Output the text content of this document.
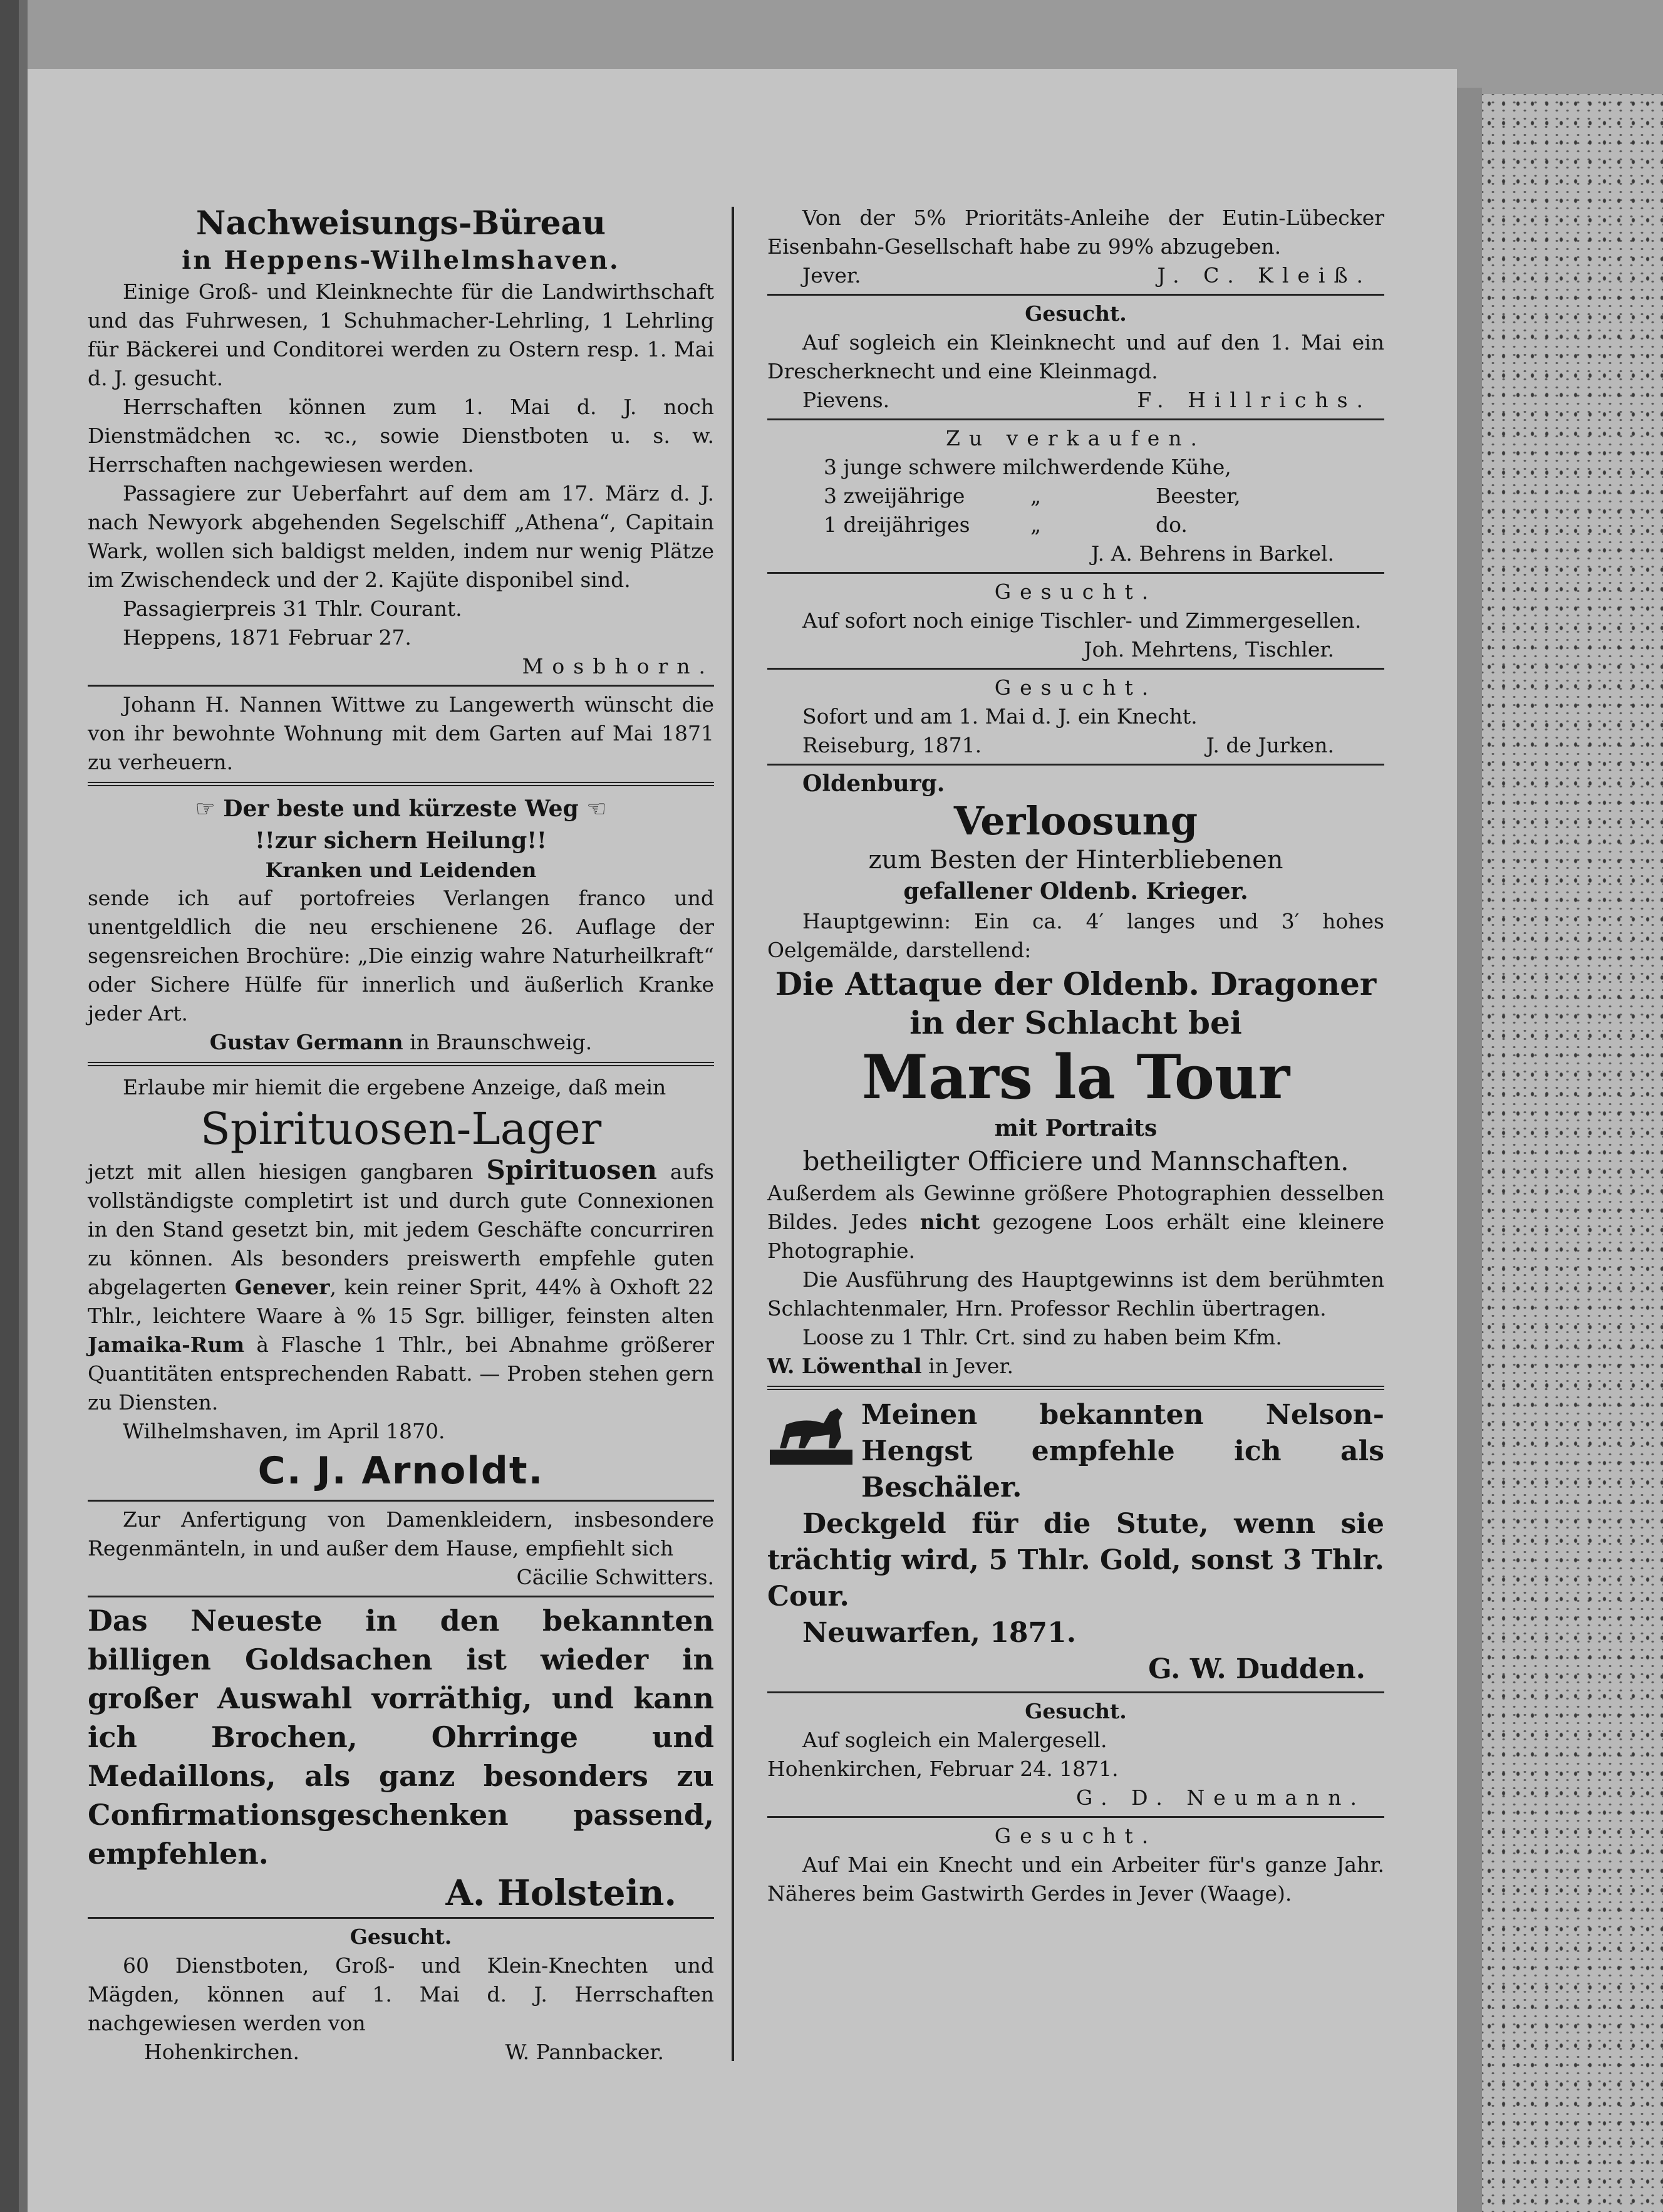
Nachweisungs-Büreau

in Heppens-Wilhelmshaven.

Einige Groß- und Kleinknechte für die Landwirthschaft und das Fuhrwesen, 1 Schuhmacher-Lehrling, 1 Lehrling für Bäckerei und Conditorei werden zu Ostern resp. 1. Mai d. J. gesucht.

Herrschaften können zum 1. Mai d. J. noch Dienstmädchen ꝛc. ꝛc., sowie Dienstboten u. s. w. Herrschaften nachgewiesen werden.

Passagiere zur Ueberfahrt auf dem am 17. März d. J. nach Newyork abgehenden Segelschiff „Athena“, Capitain Wark, wollen sich baldigst melden, indem nur wenig Plätze im Zwischendeck und der 2. Kajüte disponibel sind.

Passagierpreis 31 Thlr. Courant.

Heppens, 1871 Februar 27.

Mosbhorn.

Johann H. Nannen Wittwe zu Langewerth wünscht die von ihr bewohnte Wohnung mit dem Garten auf Mai 1871 zu verheuern.

☞ Der beste und kürzeste Weg ☜

!!zur sichern Heilung!!

Kranken und Leidenden

sende ich auf portofreies Verlangen franco und unentgeldlich die neu erschienene 26. Auflage der segensreichen Brochüre: „Die einzig wahre Naturheilkraft“ oder Sichere Hülfe für innerlich und äußerlich Kranke jeder Art.

Gustav Germann in Braunschweig.

Erlaube mir hiemit die ergebene Anzeige, daß mein

Spirituosen-Lager

jetzt mit allen hiesigen gangbaren Spirituosen aufs vollständigste completirt ist und durch gute Connexionen in den Stand gesetzt bin, mit jedem Geschäfte concurriren zu können. Als besonders preiswerth empfehle guten abgelagerten Genever, kein reiner Sprit, 44% à Oxhoft 22 Thlr., leichtere Waare à % 15 Sgr. billiger, feinsten alten Jamaika-Rum à Flasche 1 Thlr., bei Abnahme größerer Quantitäten entsprechenden Rabatt. — Proben stehen gern zu Diensten.

Wilhelmshaven, im April 1870.

C. J. Arnoldt.

Zur Anfertigung von Damenkleidern, insbesondere Regenmänteln, in und außer dem Hause, empfiehlt sich

Cäcilie Schwitters.

Das Neueste in den bekannten billigen Goldsachen ist wieder in großer Auswahl vorräthig, und kann ich Brochen, Ohrringe und Medaillons, als ganz besonders zu Confirmationsgeschenken passend, empfehlen.

A. Holstein.

Gesucht.

60 Dienstboten, Groß- und Klein-Knechten und Mägden, können auf 1. Mai d. J. Herrschaften nachgewiesen werden von

Hohenkirchen.	W. Pannbacker.

Von der 5% Prioritäts-Anleihe der Eutin-Lübecker Eisenbahn-Gesellschaft habe zu 99% abzugeben.

Jever.	J. C. Kleiß.

Gesucht.

Auf sogleich ein Kleinknecht und auf den 1. Mai ein Drescherknecht und eine Kleinmagd.

Pievens.	F. Hillrichs.

Zu verkaufen.

3 junge schwere milchwerdende Kühe,

3 zweijährige	„	Beester,
1 dreijähriges	„	do.

J. A. Behrens in Barkel.

Gesucht.

Auf sofort noch einige Tischler- und Zimmergesellen.

Joh. Mehrtens, Tischler.

Gesucht.

Sofort und am 1. Mai d. J. ein Knecht.

Reiseburg, 1871.	J. de Jurken.

Oldenburg.

Verloosung

zum Besten der Hinterbliebenen

gefallener Oldenb. Krieger.

Hauptgewinn: Ein ca. 4′ langes und 3′ hohes Oelgemälde, darstellend:

Die Attaque der Oldenb. Dragoner in der Schlacht bei

Mars la Tour

mit Portraits

betheiligter Officiere und Mannschaften.

Außerdem als Gewinne größere Photographien desselben Bildes. Jedes nicht gezogene Loos erhält eine kleinere Photographie.

Die Ausführung des Hauptgewinns ist dem berühmten Schlachtenmaler, Hrn. Professor Rechlin übertragen.

Loose zu 1 Thlr. Crt. sind zu haben beim Kfm.

W. Löwenthal in Jever.

Meinen bekannten Nelson-Hengst empfehle ich als Beschäler.

Deckgeld für die Stute, wenn sie trächtig wird, 5 Thlr. Gold, sonst 3 Thlr. Cour.

Neuwarfen, 1871.

G. W. Dudden.

Gesucht.

Auf sogleich ein Malergesell.

Hohenkirchen, Februar 24. 1871.

G. D. Neumann.

Gesucht.

Auf Mai ein Knecht und ein Arbeiter für's ganze Jahr. Näheres beim Gastwirth Gerdes in Jever (Waage).
